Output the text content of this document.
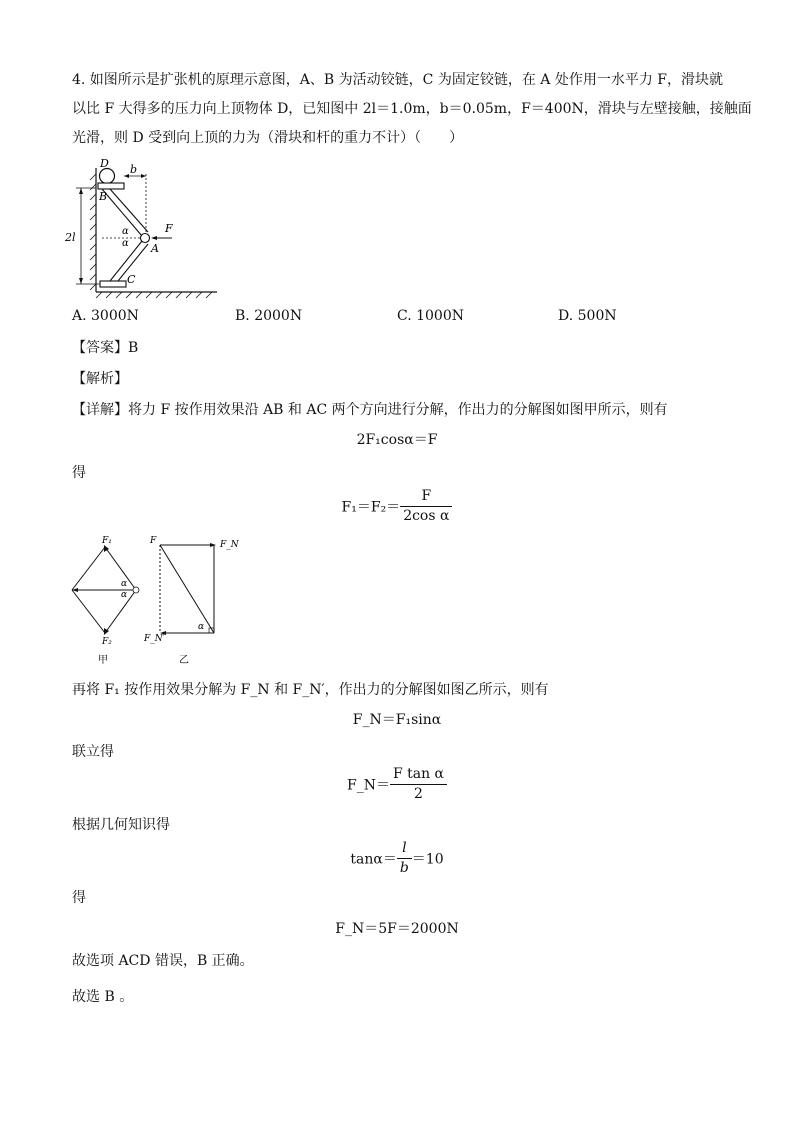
4. 如图所示是扩张机的原理示意图，A、B 为活动铰链，C 为固定铰链，在 A 处作用一水平力 F，滑块就
以比 F 大得多的压力向上顶物体 D，已知图中 2l＝1.0m，b＝0.05m，F＝400N，滑块与左壁接触，接触面
光滑，则 D 受到向上顶的力为（滑块和杆的重力不计）（　　）
D b
B
2l	α
α
F
A
C
A. 3000N	B. 2000N	C. 1000N	D. 500N
【答案】B
【解析】
【详解】将力 F 按作用效果沿 AB 和 AC 两个方向进行分解，作出力的分解图如图甲所示，则有
2F₁cosα＝F
得
$F_1=F_2= \frac{F}{\text{2cos α}}$
F₁
F₂
α
α
甲
F	F_N
F_N′
α
乙
再将 F₁ 按作用效果分解为 F_N 和 F_N′，作出力的分解图如图乙所示，则有
F_N＝F₁sinα
联立得
F_N＝ $\frac{\text{F tan α}}{2}$
根据几何知识得
$\tan\alpha= \frac{l}{b} =10$
得
F_N＝5F＝2000N
故选项 ACD 错误，B 正确。
故选 B 。
